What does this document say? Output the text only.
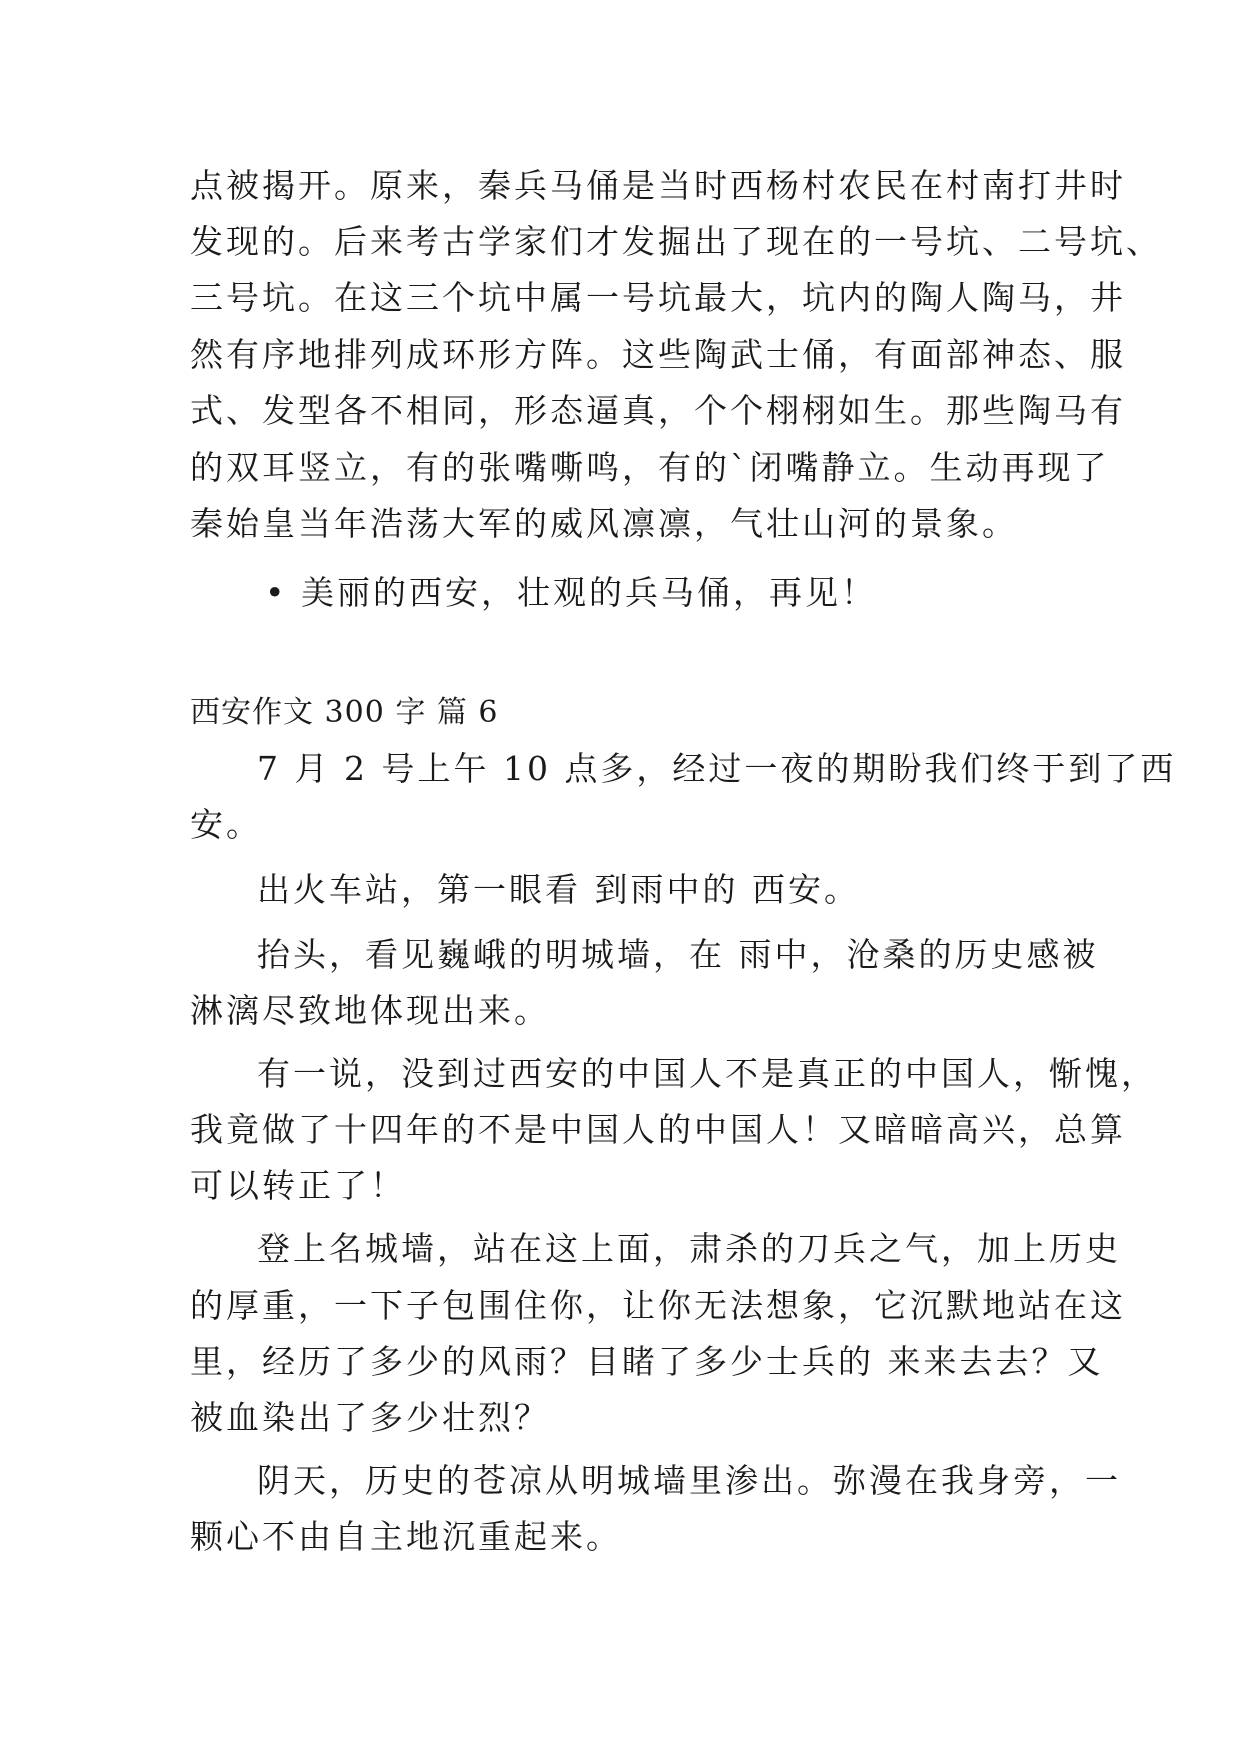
点被揭开。原来，秦兵马俑是当时西杨村农民在村南打井时
发现的。后来考古学家们才发掘出了现在的一号坑、二号坑、
三号坑。在这三个坑中属一号坑最大，坑内的陶人陶马，井
然有序地排列成环形方阵。这些陶武士俑，有面部神态、服
式、发型各不相同，形态逼真，个个栩栩如生。那些陶马有
的双耳竖立，有的张嘴嘶鸣，有的`闭嘴静立。生动再现了
秦始皇当年浩荡大军的威风凛凛，气壮山河的景象。
• 美丽的西安，壮观的兵马俑，再见！
西安作文 300 字 篇 6
7 月 2 号上午 10 点多，经过一夜的期盼我们终于到了西
安。
出火车站，第一眼看 到雨中的 西安。
抬头，看见巍峨的明城墙，在 雨中，沧桑的历史感被
淋漓尽致地体现出来。
有一说，没到过西安的中国人不是真正的中国人，惭愧，
我竟做了十四年的不是中国人的中国人！又暗暗高兴，总算
可以转正了！
登上名城墙，站在这上面，肃杀的刀兵之气，加上历史
的厚重，一下子包围住你，让你无法想象，它沉默地站在这
里，经历了多少的风雨？目睹了多少士兵的 来来去去？又
被血染出了多少壮烈？
阴天，历史的苍凉从明城墙里渗出。弥漫在我身旁，一
颗心不由自主地沉重起来。
